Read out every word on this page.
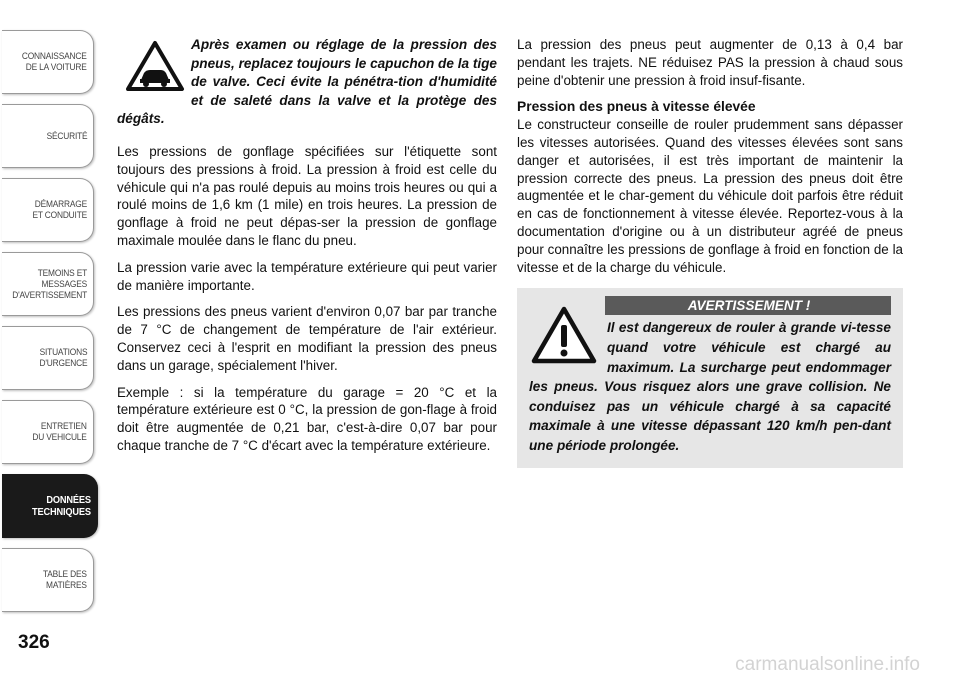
CONNAISSANCE
DE LA VOITURE
SÉCURITÉ
DÉMARRAGE
ET CONDUITE
TEMOINS ET
MESSAGES
D'AVERTISSEMENT
SITUATIONS
D'URGENCE
ENTRETIEN
DU VEHICULE
DONNÉES
TECHNIQUES
TABLE DES
MATIÈRES
326
Après examen ou réglage de la pression des pneus, replacez toujours le capuchon de la tige de valve. Ceci évite la pénétra-tion d'humidité et de saleté dans la valve et la protège des dégâts.

Les pressions de gonflage spécifiées sur l'étiquette sont toujours des pressions à froid. La pression à froid est celle du véhicule qui n'a pas roulé depuis au moins trois heures ou qui a roulé moins de 1,6 km (1 mile) en trois heures. La pression de gonflage à froid ne peut dépas-ser la pression de gonflage maximale moulée dans le flanc du pneu.

La pression varie avec la température extérieure qui peut varier de manière importante.

Les pressions des pneus varient d'environ 0,07 bar par tranche de 7 °C de changement de température de l'air extérieur. Conservez ceci à l'esprit en modifiant la pression des pneus dans un garage, spécialement l'hiver.

Exemple : si la température du garage = 20 °C et la température extérieure est 0 °C, la pression de gon-flage à froid doit être augmentée de 0,21 bar, c'est-à-dire 0,07 bar pour chaque tranche de 7 °C d'écart avec la température extérieure.

La pression des pneus peut augmenter de 0,13 à 0,4 bar pendant les trajets. NE réduisez PAS la pression à chaud sous peine d'obtenir une pression à froid insuf-fisante.

Pression des pneus à vitesse élevée

Le constructeur conseille de rouler prudemment sans dépasser les vitesses autorisées. Quand des vitesses élevées sont sans danger et autorisées, il est très important de maintenir la pression correcte des pneus. La pression des pneus doit être augmentée et le char-gement du véhicule doit parfois être réduit en cas de fonctionnement à vitesse élevée. Reportez-vous à la documentation d'origine ou à un distributeur agréé de pneus pour connaître les pressions de gonflage à froid en fonction de la vitesse et de la charge du véhicule.

AVERTISSEMENT !
Il est dangereux de rouler à grande vi-tesse quand votre véhicule est chargé au maximum. La surcharge peut endommager les pneus. Vous risquez alors une grave collision. Ne conduisez pas un véhicule chargé à sa capacité maximale à une vitesse dépassant 120 km/h pen-dant une période prolongée.
carmanualsonline.info
